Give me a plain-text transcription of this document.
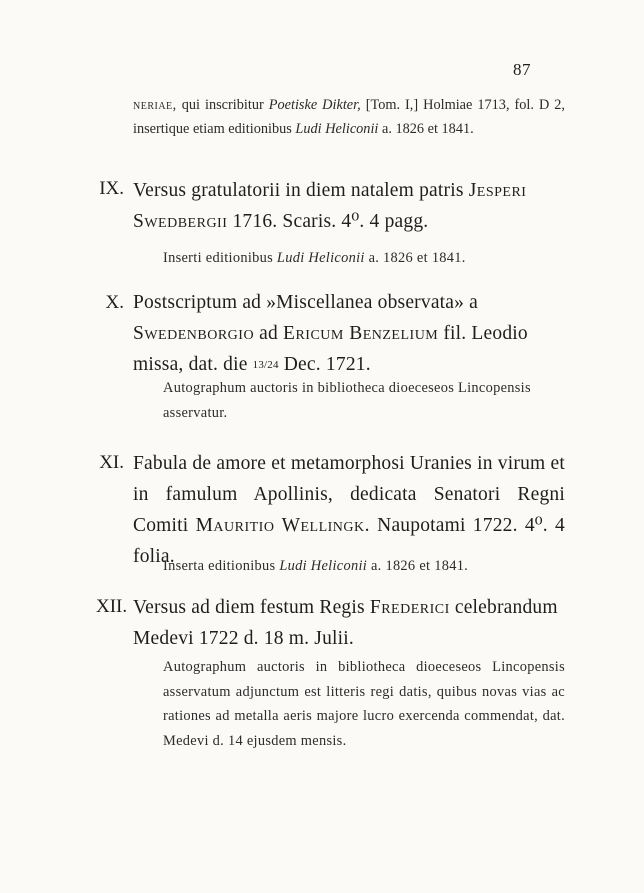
87
neriae, qui inscribitur Poetiske Dikter, [Tom. I,] Holmiae 1713, fol. D 2, insertique etiam editionibus Ludi Heliconii a. 1826 et 1841.
IX. Versus gratulatorii in diem natalem patris Jesperi Swedbergii 1716. Scaris. 4⁰. 4 pagg.
Inserti editionibus Ludi Heliconii a. 1826 et 1841.
X. Postscriptum ad »Miscellanea observata» a Swedenborgio ad Ericum Benzelium fil. Leodio missa, dat. die 13/24 Dec. 1721.
Autographum auctoris in bibliotheca dioeceseos Lincopensis asservatur.
XI. Fabula de amore et metamorphosi Uranies in virum et in famulum Apollinis, dedicata Senatori Regni Comiti Mauritio Wellingk. Naupotami 1722. 4⁰. 4 folia.
Inserta editionibus Ludi Heliconii a. 1826 et 1841.
XII. Versus ad diem festum Regis Frederici celebrandum Medevi 1722 d. 18 m. Julii.
Autographum auctoris in bibliotheca dioeceseos Lincopensis asservatum adjunctum est litteris regi datis, quibus novas vias ac rationes ad metalla aeris majore lucro exercenda commendat, dat. Medevi d. 14 ejusdem mensis.
